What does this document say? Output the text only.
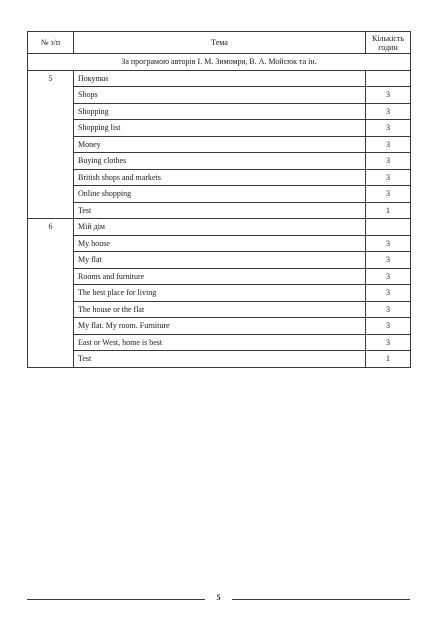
№ з/п	Тема	Кількість годин
За програмою авторів І. М. Зимомря, В. А. Мойсюк та ін.		
5	Покупки	
	Shops	3
	Shopping	3
	Shopping list	3
	Money	3
	Buying clothes	3
	British shops and markets	3
	Online shopping	3
	Test	1
6	Мій дім	
	My house	3
	My flat	3
	Rooms and furniture	3
	The best place for living	3
	The house or the flat	3
	My flat. My room. Furniture	3
	East or West, home is best	3
	Test	1
5
